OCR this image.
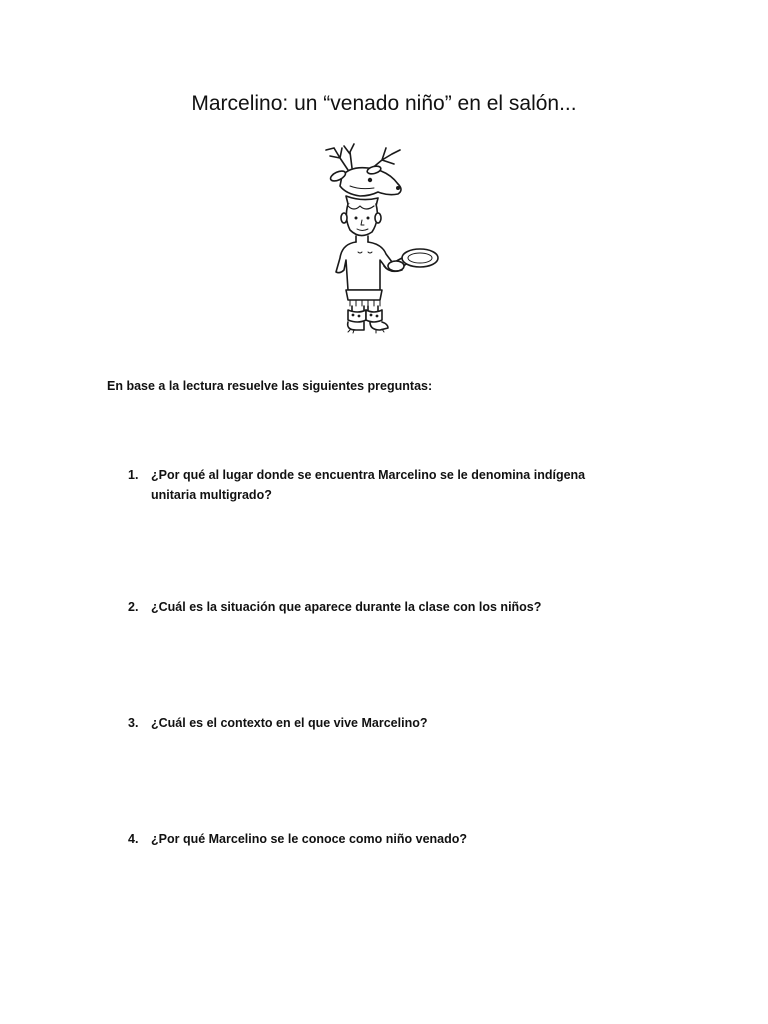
Marcelino: un “venado niño” en el salón...

En base a la lectura resuelve las siguientes preguntas:

1. ¿Por qué al lugar donde se encuentra Marcelino se le denomina indígena unitaria multigrado?
2. ¿Cuál es la situación que aparece durante la clase con los niños?
3. ¿Cuál es el contexto en el que vive Marcelino?
4. ¿Por qué Marcelino se le conoce como niño venado?
